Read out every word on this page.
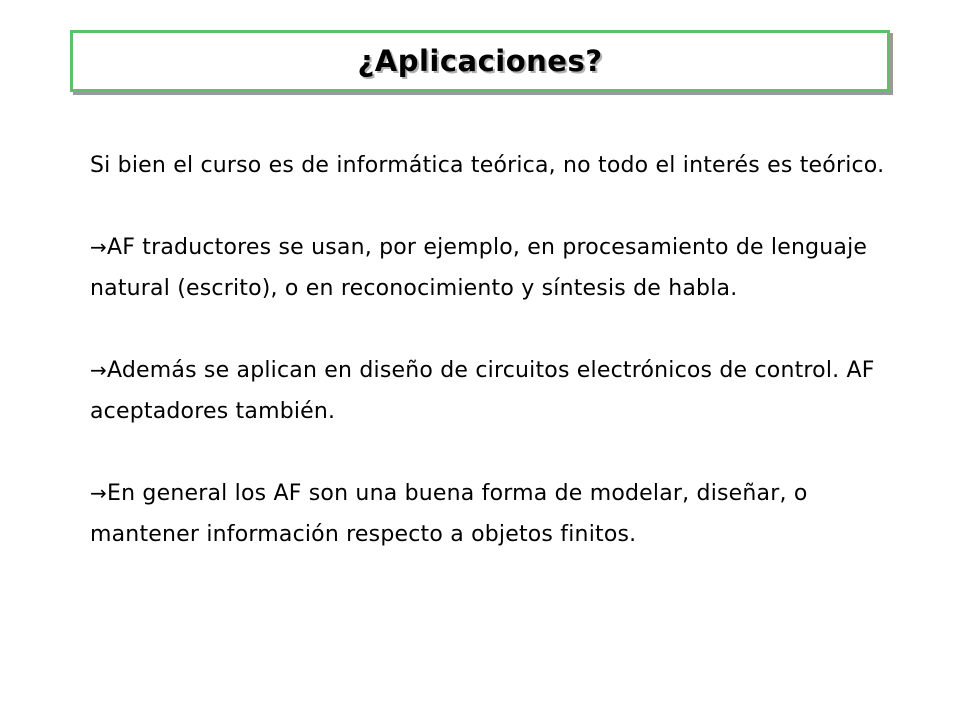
¿Aplicaciones?

Si bien el curso es de informática teórica, no todo el interés es teórico.

→AF traductores se usan, por ejemplo, en procesamiento de lenguaje natural (escrito), o en reconocimiento y síntesis de habla.

→Además se aplican en diseño de circuitos electrónicos de control. AF aceptadores también.

→En general los AF son una buena forma de modelar, diseñar, o mantener información respecto a objetos finitos.
